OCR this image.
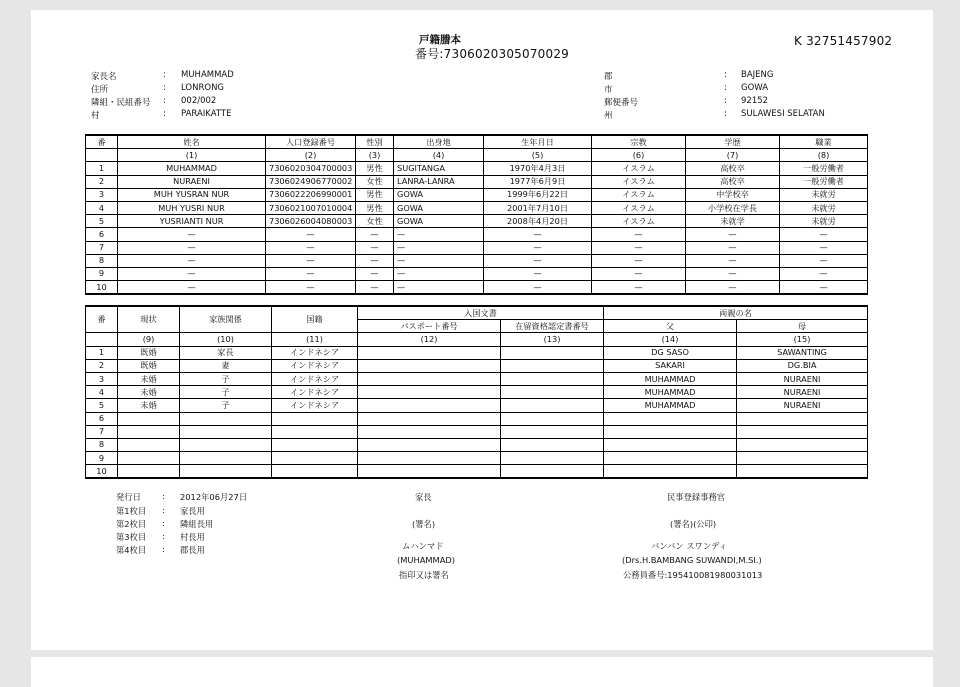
戸籍謄本
番号:7306020305070029
K 32751457902
家長名	: MUHAMMAD
住所	: LONRONG
隣組・民組番号 : 002/002
村	: PARAIKATTE
郡	: BAJENG
市	: GOWA
郵便番号	: 92152
州	: SULAWESI SELATAN
番	姓名	人口登録番号	性別	出身地	生年月日	宗教	学歴	職業
	(1)	(2)	(3)	(4)	(5)	(6)	(7)	(8)
1	MUHAMMAD	7306020304700003	男性	SUGITANGA	1970年4月3日	イスラム	高校卒	一般労働者
2	NURAENI	7306024906770002	女性	LANRA-LANRA	1977年6月9日	イスラム	高校卒	一般労働者
3	MUH YUSRAN NUR	7306022206990001	男性	GOWA	1999年6月22日	イスラム	中学校卒	未就労
4	MUH YUSRI NUR	7306021007010004	男性	GOWA	2001年7月10日	イスラム	小学校在学長	未就労
5	YUSRIANTI NUR	7306026004080003	女性	GOWA	2008年4月20日	イスラム	未就学	未就労
6	—	—	—	—	—	—	—	—
7	—	—	—	—	—	—	—	—
8	—	—	—	—	—	—	—	—
9	—	—	—	—	—	—	—	—
10	—	—	—	—	—	—	—	—
番	現状	家族関係	国籍	入国文書		両親の名	
				パスポート番号	在留資格認定書番号	父	母
	(9)	(10)	(11)	(12)	(13)	(14)	(15)
1	既婚	家長	インドネシア			DG SASO	SAWANTING
2	既婚	妻	インドネシア			SAKARI	DG.BIA
3	未婚	子	インドネシア			MUHAMMAD	NURAENI
4	未婚	子	インドネシア			MUHAMMAD	NURAENI
5	未婚	子	インドネシア			MUHAMMAD	NURAENI
6							
7							
8							
9							
10							
発行日	: 2012年06月27日
第1枚目 : 家長用
第2枚目 : 隣組長用
第3枚目 : 村長用
第4枚目 : 郡長用
家長
(署名)
ムハンマド
(MUHAMMAD)
指印又は署名
民事登録事務官
(署名)(公印)
バンバン スワンディ
(Drs.H.BAMBANG SUWANDI,M.SI.)
公務員番号:195410081980031013
